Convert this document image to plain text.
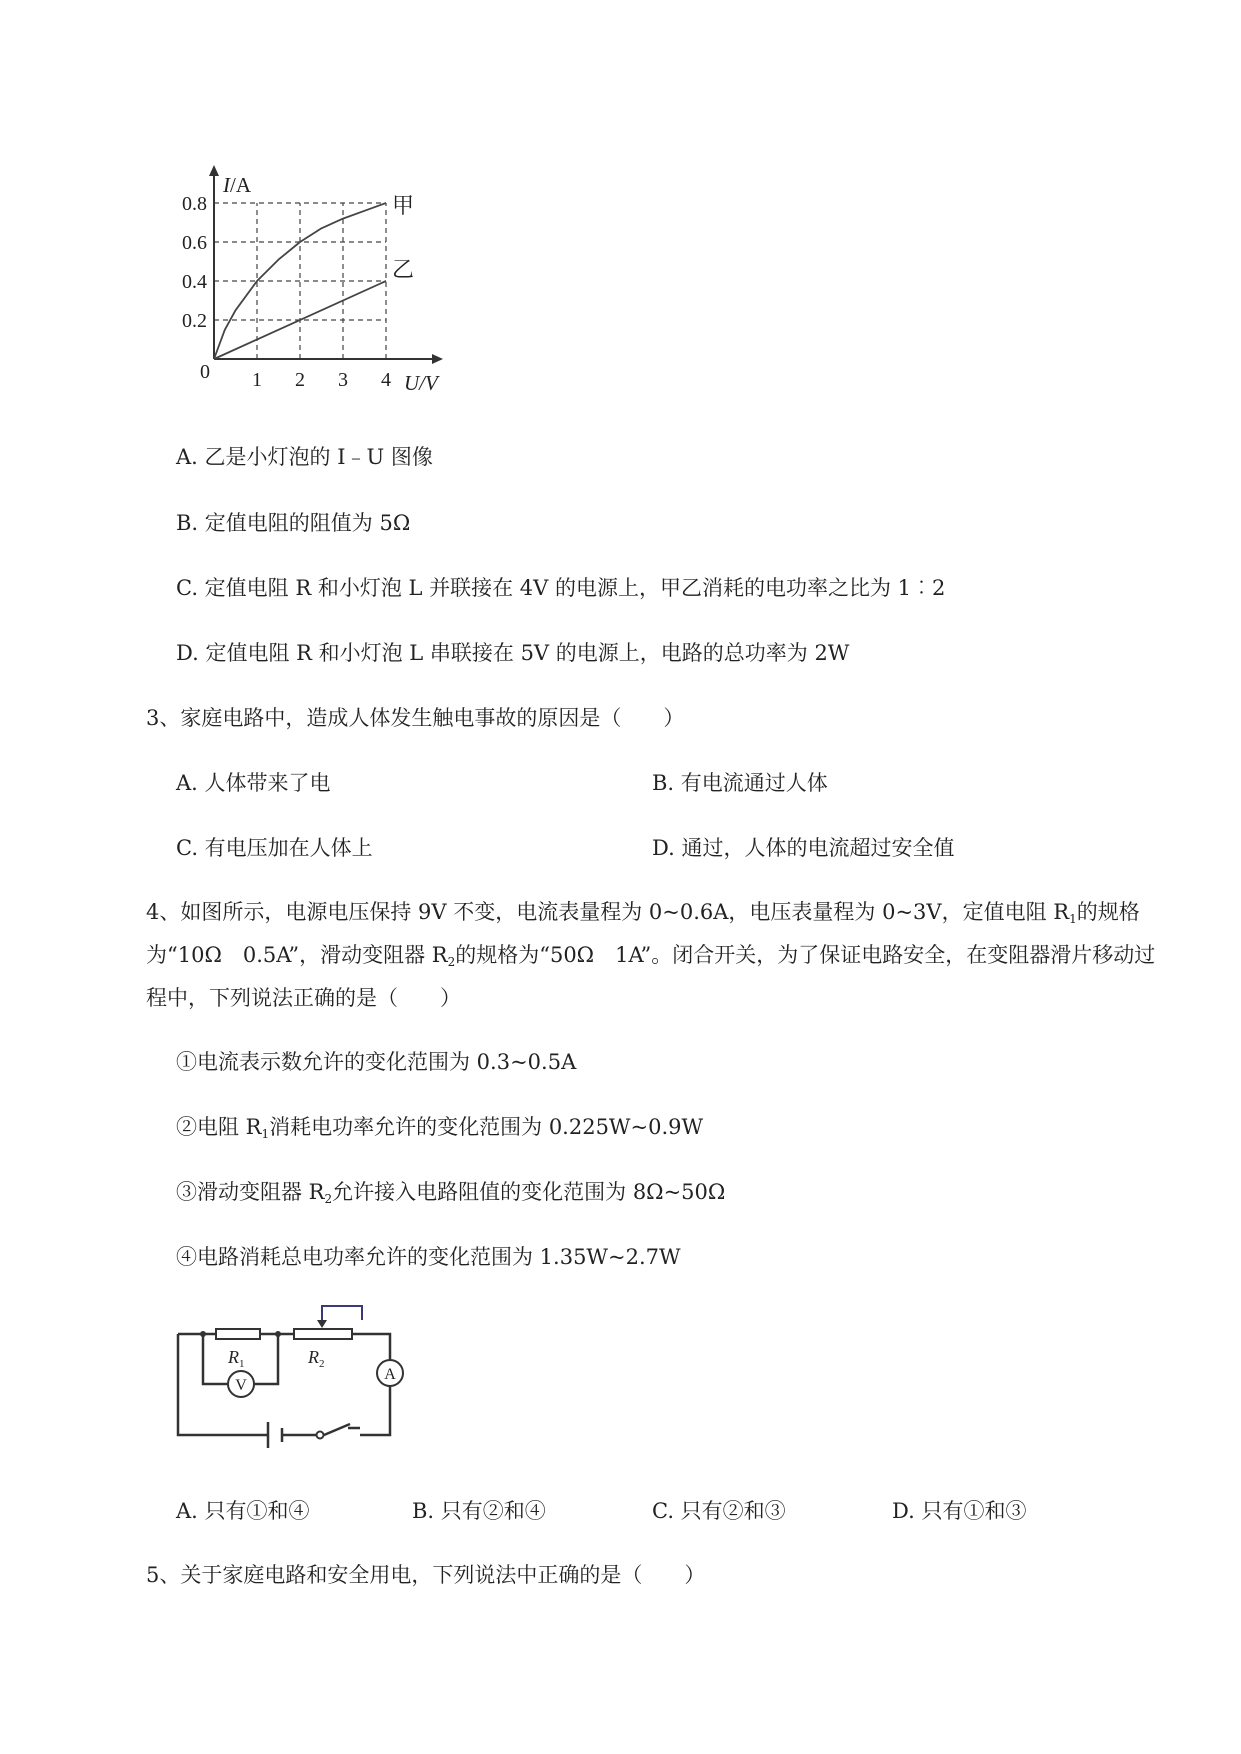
甲
乙
1 2 3 4
0.2
0.4
0.6
0.8
0
I/A
U/V
A. 乙是小灯泡的 I﹣U 图像
B. 定值电阻的阻值为 5Ω
C. 定值电阻 R 和小灯泡 L 并联接在 4V 的电源上，甲乙消耗的电功率之比为 1︰2
D. 定值电阻 R 和小灯泡 L 串联接在 5V 的电源上，电路的总功率为 2W
3、家庭电路中，造成人体发生触电事故的原因是（　　）
A. 人体带来了电	B. 有电流通过人体
C. 有电压加在人体上	D. 通过，人体的电流超过安全值
4、如图所示，电源电压保持 9V 不变，电流表量程为 0~0.6A，电压表量程为 0~3V，定值电阻 $R_1$的规格为“10Ω　0.5A”，滑动变阻器 $R_2$的规格为“50Ω　1A”。闭合开关，为了保证电路安全，在变阻器滑片移动过程中，下列说法正确的是（　　）
①电流表示数允许的变化范围为 0.3~0.5A
②电阻 $R_1$消耗电功率允许的变化范围为 0.225W~0.9W
③滑动变阻器 $R_2$允许接入电路阻值的变化范围为 8Ω~50Ω
④电路消耗总电功率允许的变化范围为 1.35W~2.7W
V
A
$R_1$	$R_2$
A. 只有①和④	B. 只有②和④	C. 只有②和③	D. 只有①和③
5、关于家庭电路和安全用电，下列说法中正确的是（　　）
